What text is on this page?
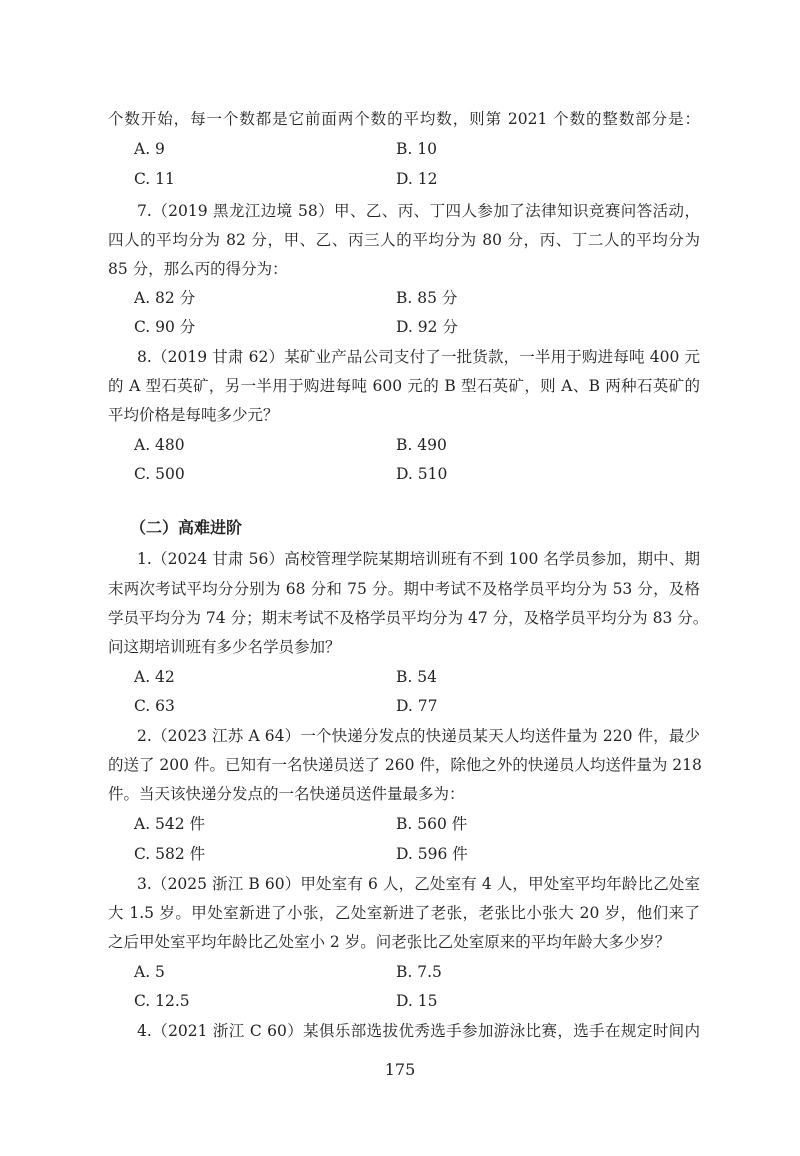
个数开始，每一个数都是它前面两个数的平均数，则第 2021 个数的整数部分是：
A. 9	B. 10
C. 11	D. 12
7.（2019 黑龙江边境 58）甲、乙、丙、丁四人参加了法律知识竞赛问答活动，
四人的平均分为 82 分，甲、乙、丙三人的平均分为 80 分，丙、丁二人的平均分为
85 分，那么丙的得分为：
A. 82 分	B. 85 分
C. 90 分	D. 92 分
8.（2019 甘肃 62）某矿业产品公司支付了一批货款，一半用于购进每吨 400 元
的 A 型石英矿，另一半用于购进每吨 600 元的 B 型石英矿，则 A、B 两种石英矿的
平均价格是每吨多少元？
A. 480	B. 490
C. 500	D. 510
（二）高难进阶
1.（2024 甘肃 56）高校管理学院某期培训班有不到 100 名学员参加，期中、期
末两次考试平均分分别为 68 分和 75 分。期中考试不及格学员平均分为 53 分，及格
学员平均分为 74 分；期末考试不及格学员平均分为 47 分，及格学员平均分为 83 分。
问这期培训班有多少名学员参加？
A. 42	B. 54
C. 63	D. 77
2.（2023 江苏 A 64）一个快递分发点的快递员某天人均送件量为 220 件，最少
的送了 200 件。已知有一名快递员送了 260 件，除他之外的快递员人均送件量为 218
件。当天该快递分发点的一名快递员送件量最多为：
A. 542 件	B. 560 件
C. 582 件	D. 596 件
3.（2025 浙江 B 60）甲处室有 6 人，乙处室有 4 人，甲处室平均年龄比乙处室
大 1.5 岁。甲处室新进了小张，乙处室新进了老张，老张比小张大 20 岁，他们来了
之后甲处室平均年龄比乙处室小 2 岁。问老张比乙处室原来的平均年龄大多少岁？
A. 5	B. 7.5
C. 12.5	D. 15
4.（2021 浙江 C 60）某俱乐部选拔优秀选手参加游泳比赛，选手在规定时间内
175
